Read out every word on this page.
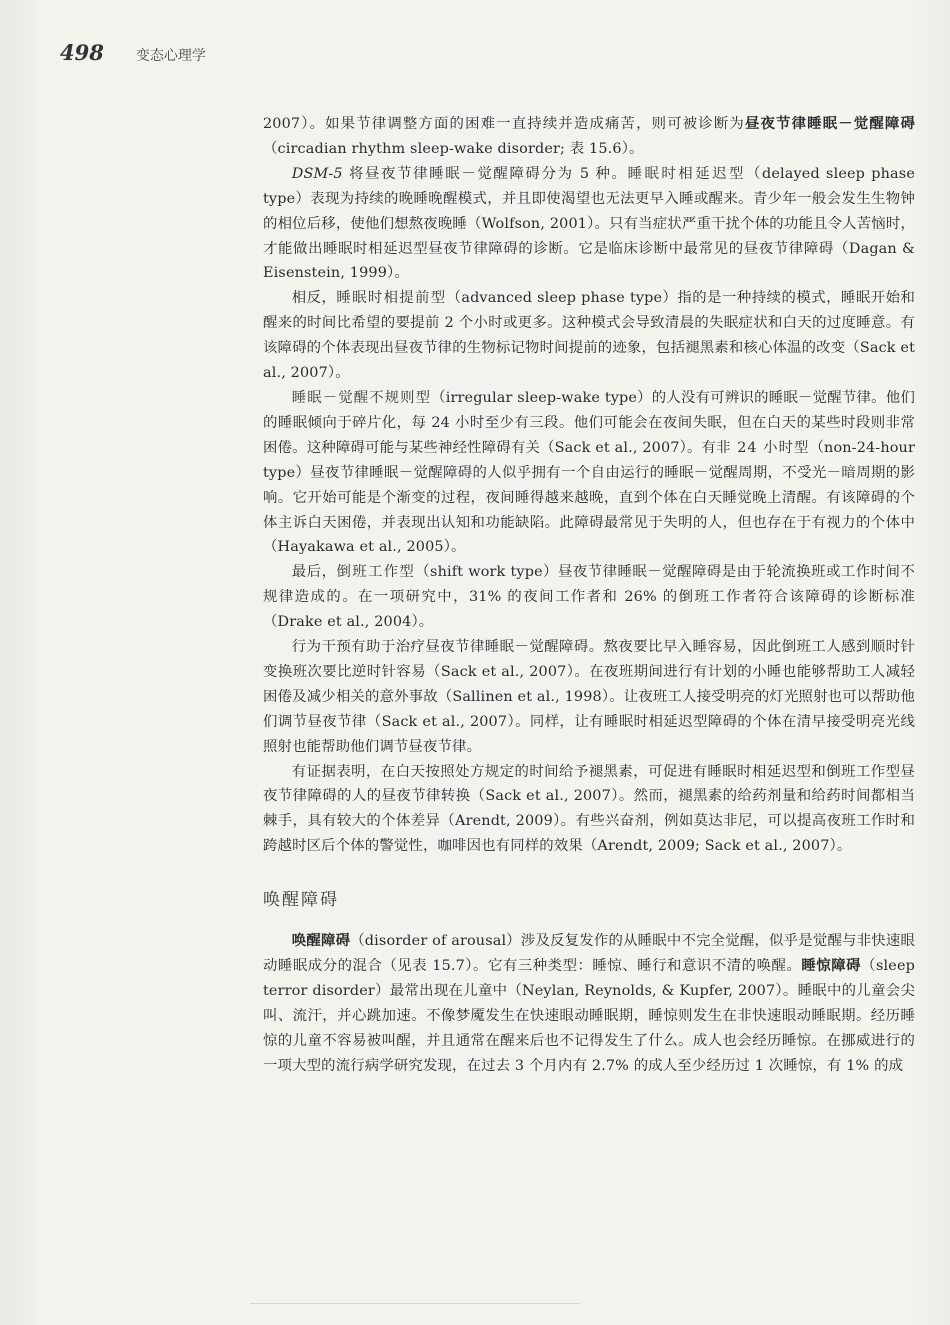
498 变态心理学

2007）。如果节律调整方面的困难一直持续并造成痛苦，则可被诊断为昼夜节律睡眠－觉醒障碍（circadian rhythm sleep-wake disorder; 表 15.6）。

DSM-5 将昼夜节律睡眠－觉醒障碍分为 5 种。睡眠时相延迟型（delayed sleep phase type）表现为持续的晚睡晚醒模式，并且即使渴望也无法更早入睡或醒来。青少年一般会发生生物钟的相位后移，使他们想熬夜晚睡（Wolfson, 2001）。只有当症状严重干扰个体的功能且令人苦恼时，才能做出睡眠时相延迟型昼夜节律障碍的诊断。它是临床诊断中最常见的昼夜节律障碍（Dagan & Eisenstein, 1999）。

相反，睡眠时相提前型（advanced sleep phase type）指的是一种持续的模式，睡眠开始和醒来的时间比希望的要提前 2 个小时或更多。这种模式会导致清晨的失眠症状和白天的过度睡意。有该障碍的个体表现出昼夜节律的生物标记物时间提前的迹象，包括褪黑素和核心体温的改变（Sack et al., 2007）。

睡眠－觉醒不规则型（irregular sleep-wake type）的人没有可辨识的睡眠－觉醒节律。他们的睡眠倾向于碎片化，每 24 小时至少有三段。他们可能会在夜间失眠，但在白天的某些时段则非常困倦。这种障碍可能与某些神经性障碍有关（Sack et al., 2007）。有非 24 小时型（non-24-hour type）昼夜节律睡眠－觉醒障碍的人似乎拥有一个自由运行的睡眠－觉醒周期，不受光－暗周期的影响。它开始可能是个渐变的过程，夜间睡得越来越晚，直到个体在白天睡觉晚上清醒。有该障碍的个体主诉白天困倦，并表现出认知和功能缺陷。此障碍最常见于失明的人，但也存在于有视力的个体中（Hayakawa et al., 2005）。

最后，倒班工作型（shift work type）昼夜节律睡眠－觉醒障碍是由于轮流换班或工作时间不规律造成的。在一项研究中，31% 的夜间工作者和 26% 的倒班工作者符合该障碍的诊断标准（Drake et al., 2004）。

行为干预有助于治疗昼夜节律睡眠－觉醒障碍。熬夜要比早入睡容易，因此倒班工人感到顺时针变换班次要比逆时针容易（Sack et al., 2007）。在夜班期间进行有计划的小睡也能够帮助工人减轻困倦及减少相关的意外事故（Sallinen et al., 1998）。让夜班工人接受明亮的灯光照射也可以帮助他们调节昼夜节律（Sack et al., 2007）。同样，让有睡眠时相延迟型障碍的个体在清早接受明亮光线照射也能帮助他们调节昼夜节律。

有证据表明，在白天按照处方规定的时间给予褪黑素，可促进有睡眠时相延迟型和倒班工作型昼夜节律障碍的人的昼夜节律转换（Sack et al., 2007）。然而，褪黑素的给药剂量和给药时间都相当棘手，具有较大的个体差异（Arendt, 2009）。有些兴奋剂，例如莫达非尼，可以提高夜班工作时和跨越时区后个体的警觉性，咖啡因也有同样的效果（Arendt, 2009; Sack et al., 2007）。

唤醒障碍

唤醒障碍（disorder of arousal）涉及反复发作的从睡眠中不完全觉醒，似乎是觉醒与非快速眼动睡眠成分的混合（见表 15.7）。它有三种类型：睡惊、睡行和意识不清的唤醒。睡惊障碍（sleep terror disorder）最常出现在儿童中（Neylan, Reynolds, & Kupfer, 2007）。睡眠中的儿童会尖叫、流汗，并心跳加速。不像梦魇发生在快速眼动睡眠期，睡惊则发生在非快速眼动睡眠期。经历睡惊的儿童不容易被叫醒，并且通常在醒来后也不记得发生了什么。成人也会经历睡惊。在挪威进行的一项大型的流行病学研究发现，在过去 3 个月内有 2.7% 的成人至少经历过 1 次睡惊，有 1% 的成
